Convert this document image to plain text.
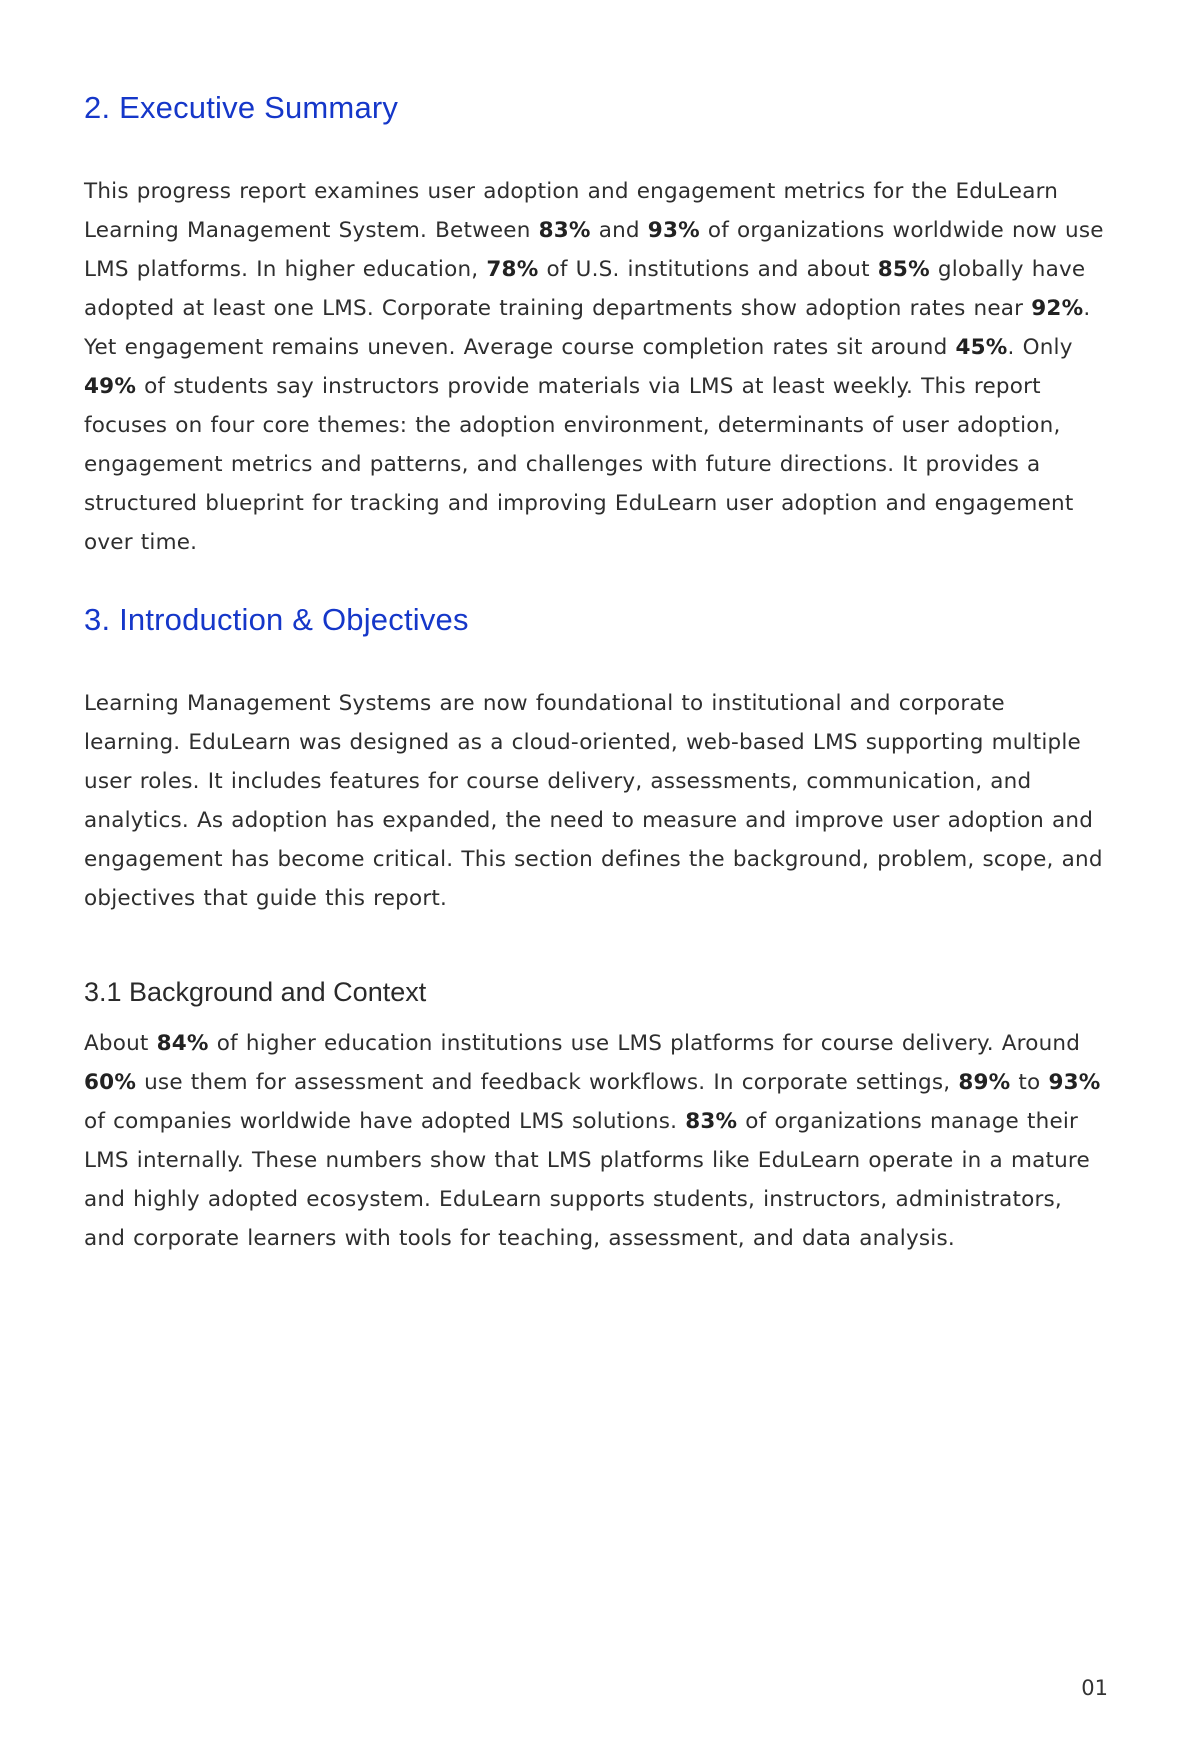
2. Executive Summary

This progress report examines user adoption and engagement metrics for the EduLearn Learning Management System. Between 83% and 93% of organizations worldwide now use LMS platforms. In higher education, 78% of U.S. institutions and about 85% globally have adopted at least one LMS. Corporate training departments show adoption rates near 92%. Yet engagement remains uneven. Average course completion rates sit around 45%. Only 49% of students say instructors provide materials via LMS at least weekly. This report focuses on four core themes: the adoption environment, determinants of user adoption, engagement metrics and patterns, and challenges with future directions. It provides a structured blueprint for tracking and improving EduLearn user adoption and engagement over time.

3. Introduction & Objectives

Learning Management Systems are now foundational to institutional and corporate learning. EduLearn was designed as a cloud-oriented, web-based LMS supporting multiple user roles. It includes features for course delivery, assessments, communication, and analytics. As adoption has expanded, the need to measure and improve user adoption and engagement has become critical. This section defines the background, problem, scope, and objectives that guide this report.

3.1 Background and Context

About 84% of higher education institutions use LMS platforms for course delivery. Around 60% use them for assessment and feedback workflows. In corporate settings, 89% to 93% of companies worldwide have adopted LMS solutions. 83% of organizations manage their LMS internally. These numbers show that LMS platforms like EduLearn operate in a mature and highly adopted ecosystem. EduLearn supports students, instructors, administrators, and corporate learners with tools for teaching, assessment, and data analysis.

01
